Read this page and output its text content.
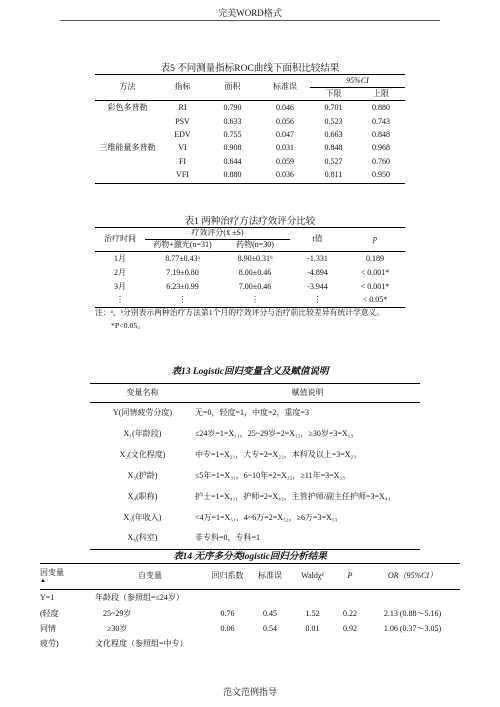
完美WORD格式
表5 不同测量指标ROC曲线下面积比较结果
方法	指标	面积	标准误	95%CI	
				下限	上限
彩色多普勒	RI	0.790	0.046	0.701	0.880
	PSV	0.633	0.056	0.523	0.743
	EDV	0.755	0.047	0.663	0.848
三维能量多普勒	VI	0.908	0.031	0.848	0.968
	FI	0.644	0.059	0.527	0.760
	VFI	0.880	0.036	0.811	0.950
表1 两种治疗方法疗效评分比较
治疗时间	疗效评分(x̄ ±S)		t值	p
	药物+激光(n=31)	药物(n=30)		
1月	8.77±0.43ᵃ	8.90±0.31ᵇ	-1.331	0.189
2月	7.19±0.80	8.00±0.46	-4.894	< 0.001*
3月	6.23±0.99	7.00±0.46	-3.944	< 0.001*
⋮	⋮	⋮	⋮	< 0.05*
注：ᵃ、ᵇ分别表示两种治疗方法第1个月的疗效评分与治疗前比较差异有统计学意义。
*P<0.05。
表13 Logistic回归变量含义及赋值说明
变量名称	赋值说明
Y(同情疲劳分度)	无=0，轻度=1，中度=2，重度=3
X₁(年龄段)	≤24岁=1=X₁₁，25~29岁=2=X₁₂，≥30岁=3=X₁₃
X₂(文化程度)	中专=1=X₂₁，大专=2=X₂₂，本科及以上=3=X₂₃
X₃(护龄)	≤5年=1=X₃₁，6~10年=2=X₃₂，≥11年=3=X₃₃
X₄(职称)	护士=1=X₄₁，护师=2=X₄₂，主管护师/副主任护师=3=X₄₃
X₅(年收入)	<4万=1=X₅₁，4~6万=2=X₅₂，≥6万=3=X₅₃
X₆(科室)	非专科=0，专科=1
表14 无序多分类logistic回归分析结果
因变量
▲	自变量	回归系数	标准误	Waldχ²	P	OR（95%CI）
Y=1	年龄段（参照组=≤24岁）					
(轻度	25~29岁	0.76	0.45	1.52	0.22	2.13 (0.88～5.16)
同情	≥30岁	0.06	0.54	0.01	0.92	1.06 (0.37～3.05)
疲劳)	文化程度（参照组=中专）					
范文范例指导
